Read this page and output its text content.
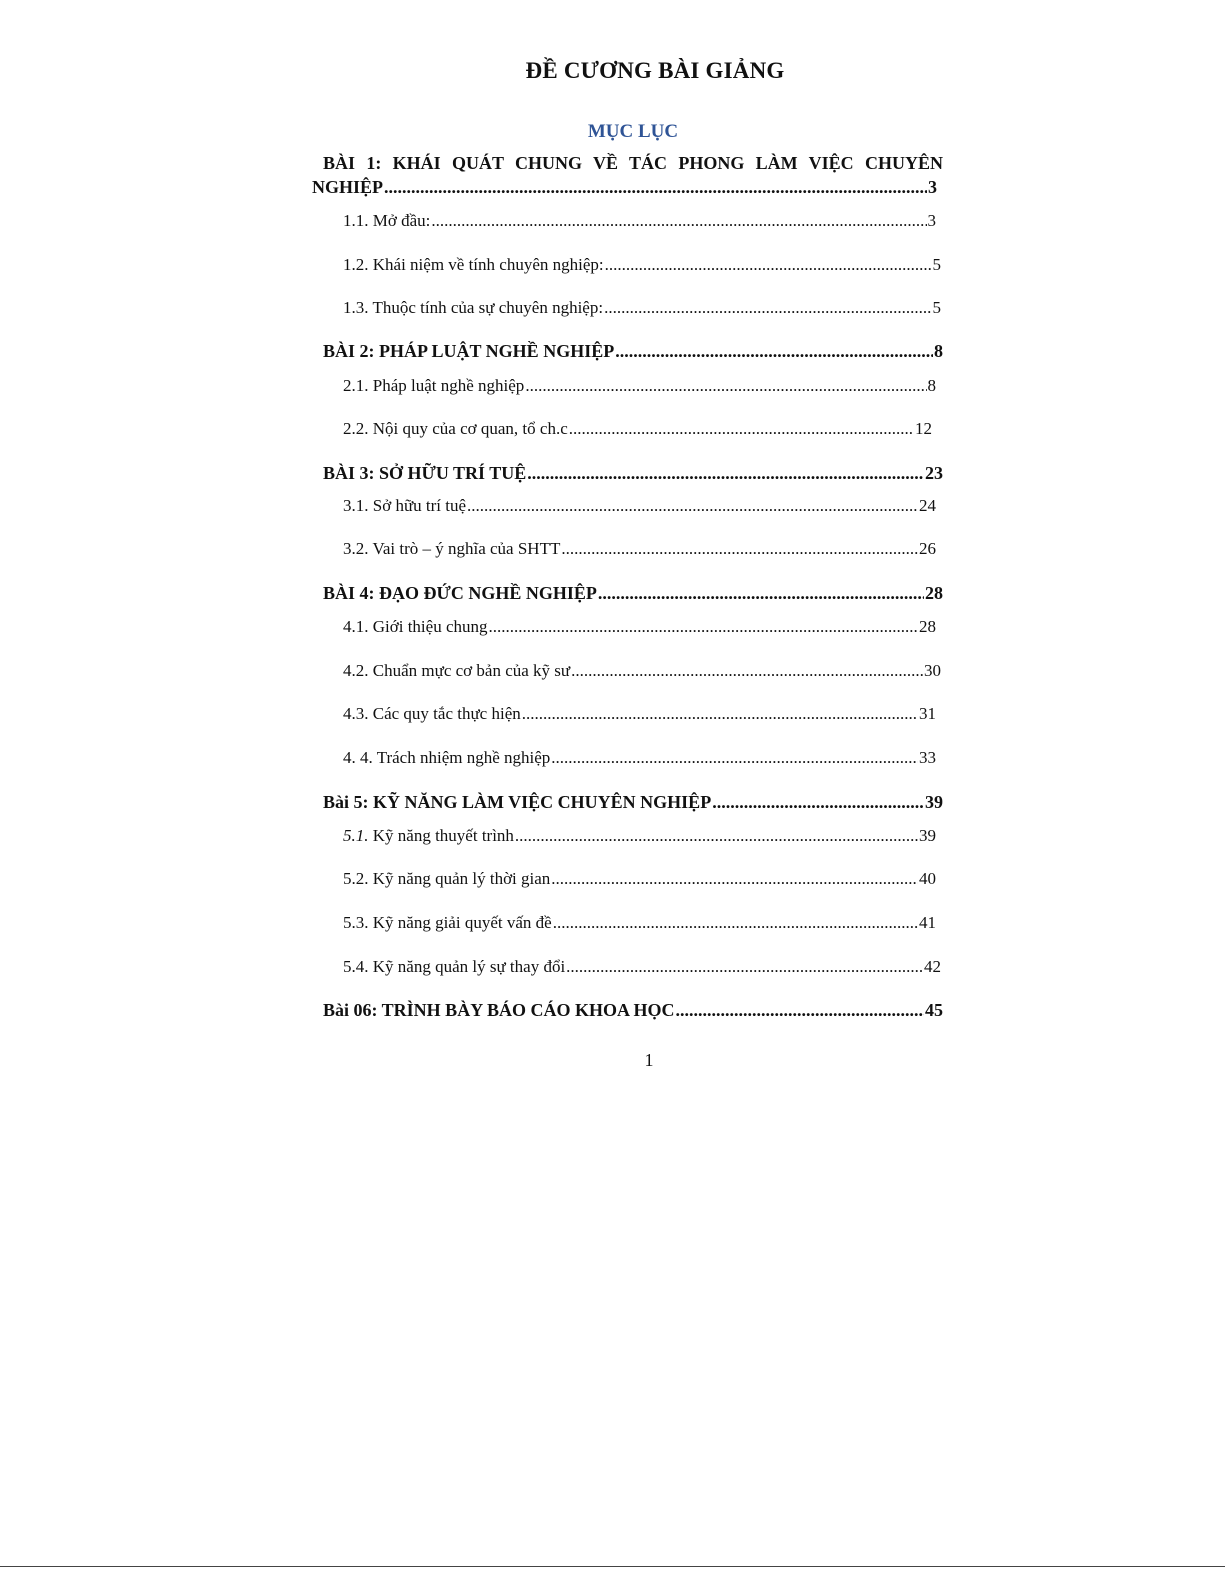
ĐỀ CƯƠNG BÀI GIẢNG
MỤC LỤC
BÀI 1: KHÁI QUÁT CHUNG VỀ TÁC PHONG LÀM VIỆC CHUYÊN
NGHIỆP .....	3
1.1. Mở đầu: .....	3
1.2. Khái niệm về tính chuyên nghiệp: .....	5
1.3. Thuộc tính của sự chuyên nghiệp: .....	5
BÀI 2: PHÁP LUẬT NGHỀ NGHIỆP .....	8
2.1. Pháp luật nghề nghiệp .....	8
2.2. Nội quy của cơ quan, tổ ch.c .....	12
BÀI 3: SỞ HỮU TRÍ TUỆ .....	23
3.1. Sở hữu trí tuệ .....	24
3.2. Vai trò – ý nghĩa của SHTT .....	26
BÀI 4: ĐẠO ĐỨC NGHỀ NGHIỆP .....	28
4.1. Giới thiệu chung .....	28
4.2. Chuẩn mực cơ bản của kỹ sư .....	30
4.3. Các quy tắc thực hiện .....	31
4. 4. Trách nhiệm nghề nghiệp .....	33
Bài 5: KỸ NĂNG LÀM VIỆC CHUYÊN NGHIỆP .....	39
5.1. Kỹ năng thuyết trình .....	39
5.2. Kỹ năng quản lý thời gian .....	40
5.3. Kỹ năng giải quyết vấn đề .....	41
5.4. Kỹ năng quản lý sự thay đổi .....	42
Bài 06: TRÌNH BÀY BÁO CÁO KHOA HỌC .....	45
1
